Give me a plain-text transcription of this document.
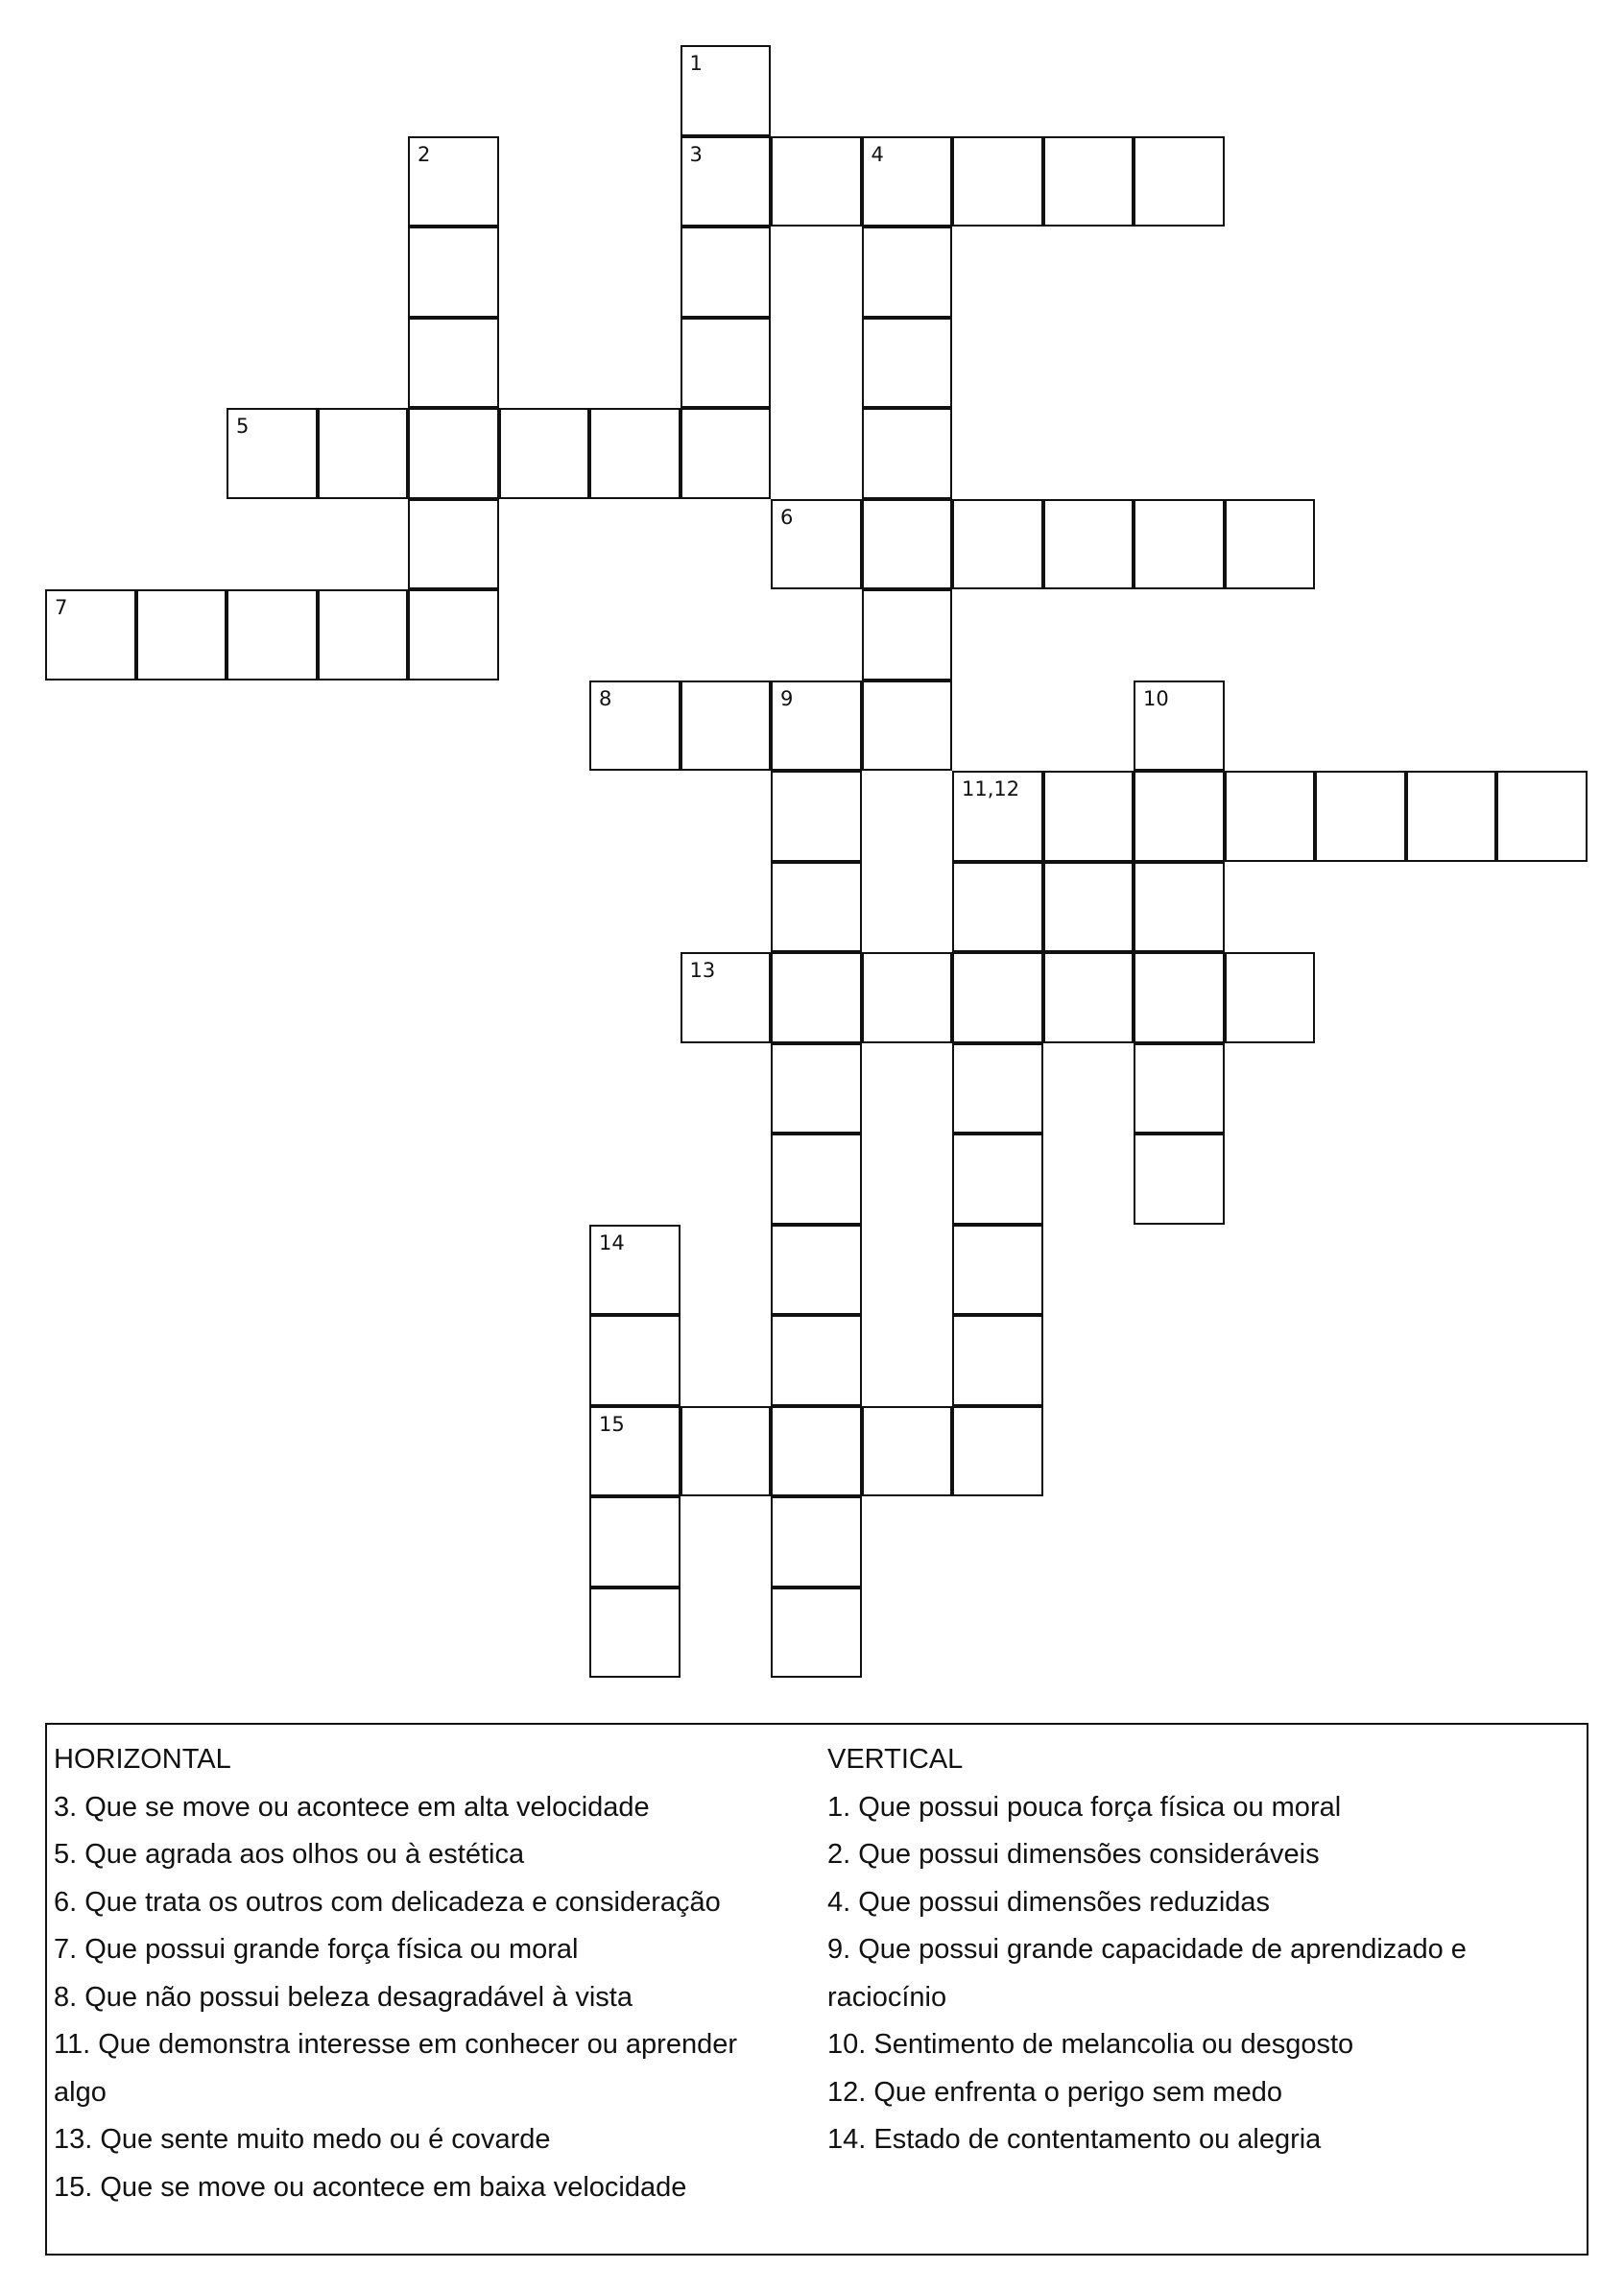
1
2	3	4
5
6
7
8	9	10
11,12
13
14
15
HORIZONTAL

3. Que se move ou acontece em alta velocidade

5. Que agrada aos olhos ou à estética

6. Que trata os outros com delicadeza e consideração

7. Que possui grande força física ou moral

8. Que não possui beleza desagradável à vista

11. Que demonstra interesse em conhecer ou aprender

algo

13. Que sente muito medo ou é covarde

15. Que se move ou acontece em baixa velocidade

VERTICAL

1. Que possui pouca força física ou moral

2. Que possui dimensões consideráveis

4. Que possui dimensões reduzidas

9. Que possui grande capacidade de aprendizado e

raciocínio

10. Sentimento de melancolia ou desgosto

12. Que enfrenta o perigo sem medo

14. Estado de contentamento ou alegria
